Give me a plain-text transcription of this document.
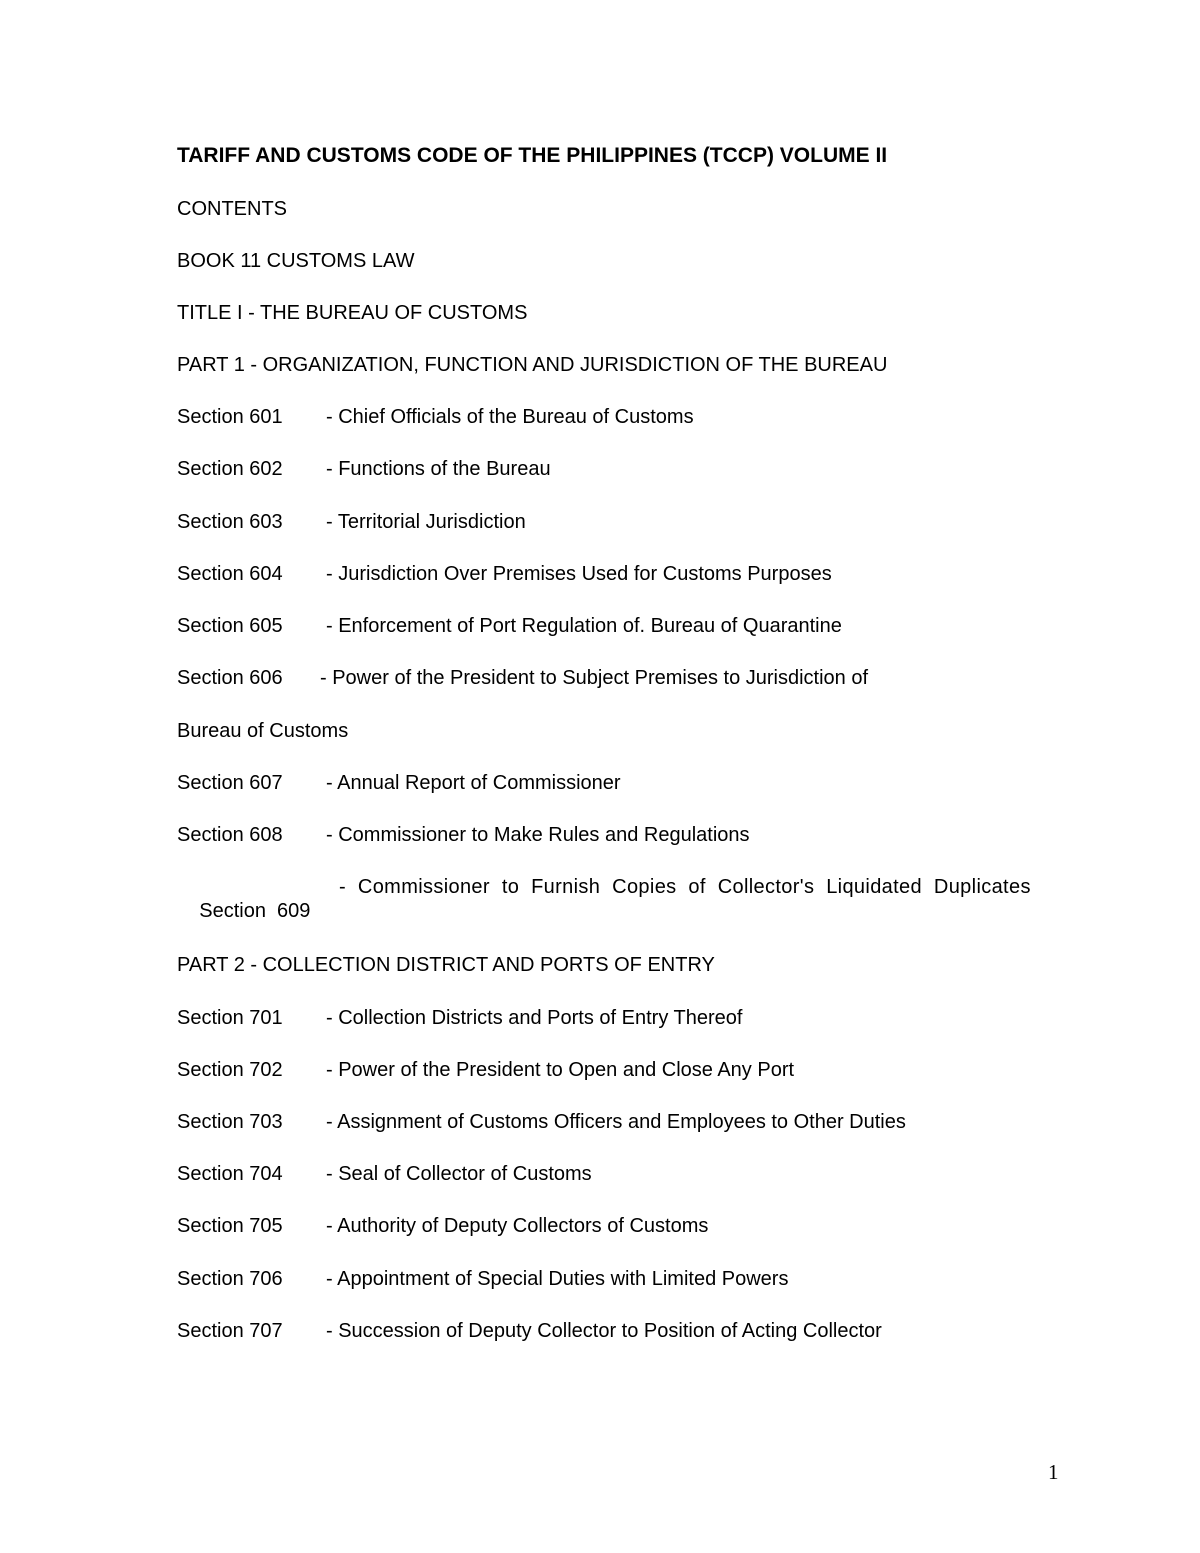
TARIFF AND CUSTOMS CODE OF THE PHILIPPINES (TCCP) VOLUME II
CONTENTS
BOOK 11 CUSTOMS LAW
TITLE I - THE BUREAU OF CUSTOMS
PART 1 - ORGANIZATION, FUNCTION AND JURISDICTION OF THE BUREAU
Section 601 - Chief Officials of the Bureau of Customs
Section 602 - Functions of the Bureau
Section 603 - Territorial Jurisdiction
Section 604 - Jurisdiction Over Premises Used for Customs Purposes
Section 605 - Enforcement of Port Regulation of. Bureau of Quarantine
Section 606 - Power of the President to Subject Premises to Jurisdiction of
Bureau of Customs
Section 607 - Annual Report of Commissioner
Section 608 - Commissioner to Make Rules and Regulations

Section  609

- Commissioner to Furnish Copies of Collector's Liquidated Duplicates

PART 2 - COLLECTION DISTRICT AND PORTS OF ENTRY
Section 701 - Collection Districts and Ports of Entry Thereof
Section 702 - Power of the President to Open and Close Any Port
Section 703 - Assignment of Customs Officers and Employees to Other Duties
Section 704 - Seal of Collector of Customs
Section 705 - Authority of Deputy Collectors of Customs
Section 706 - Appointment of Special Duties with Limited Powers
Section 707 - Succession of Deputy Collector to Position of Acting Collector
1
